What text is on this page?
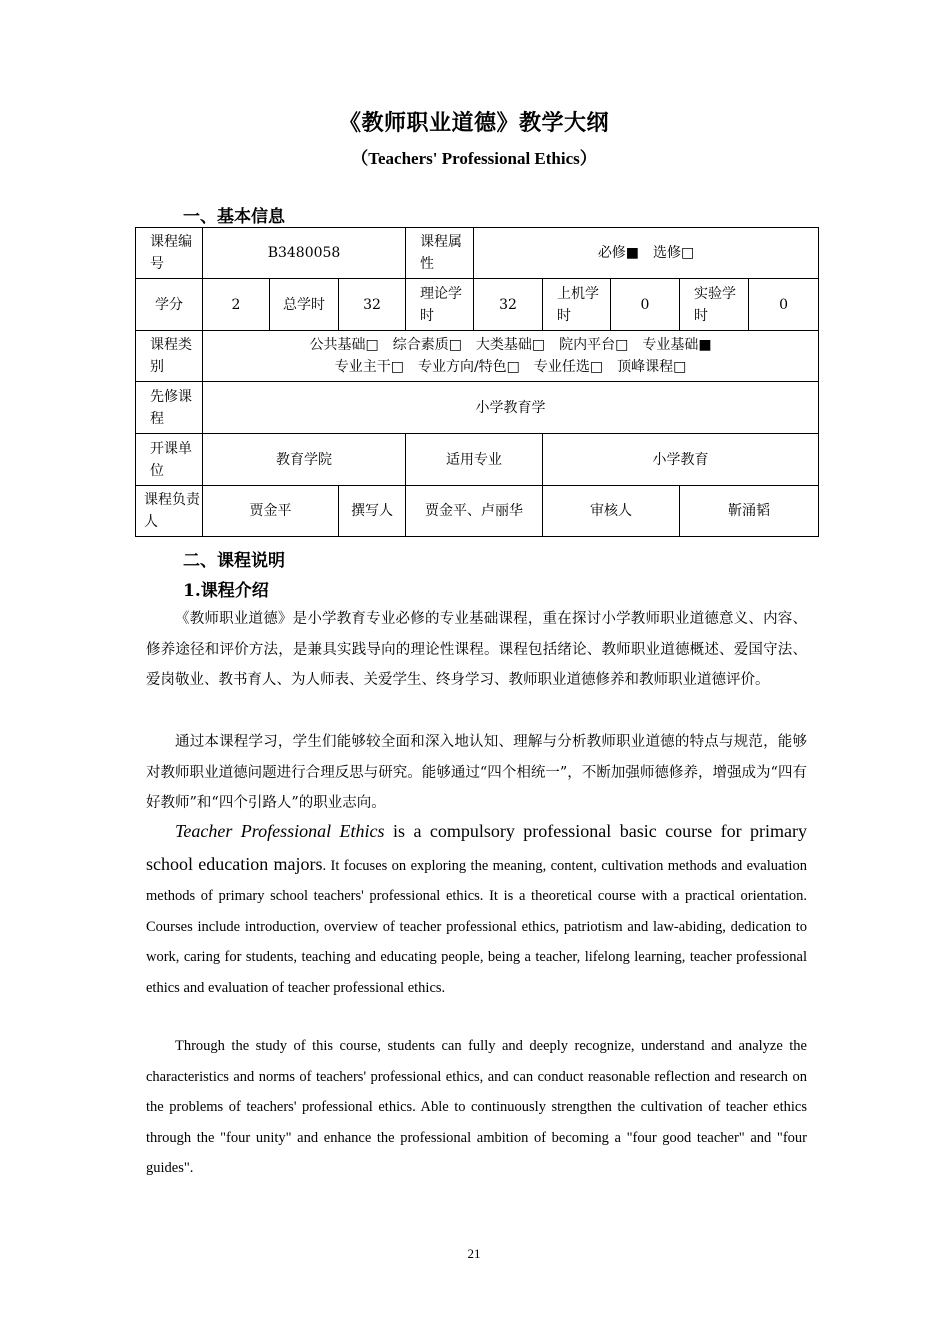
《教师职业道德》教学大纲
（Teachers' Professional Ethics）
一、基本信息
课程编号	B3480058			课程属性	必修■　选修□				
学分	2	总学时	32	理论学时	32	上机学时	0	实验学时	0
课程类别	公共基础□　综合素质□　大类基础□　院内平台□　专业基础■
专业主干□　专业方向/特色□　专业任选□　顶峰课程□								

先修课程	小学教育学								
开课单位	教育学院			适用专业		小学教育			
课程负责人	贾金平		撰写人	贾金平、卢丽华		审核人		靳涌韬	
二、课程说明
1.课程介绍
《教师职业道德》是小学教育专业必修的专业基础课程，重在探讨小学教师职业道德意义、内容、修养途径和评价方法，是兼具实践导向的理论性课程。课程包括绪论、教师职业道德概述、爱国守法、爱岗敬业、教书育人、为人师表、关爱学生、终身学习、教师职业道德修养和教师职业道德评价。
通过本课程学习，学生们能够较全面和深入地认知、理解与分析教师职业道德的特点与规范，能够对教师职业道德问题进行合理反思与研究。能够通过“四个相统一”，不断加强师德修养，增强成为“四有好教师”和“四个引路人”的职业志向。
Teacher Professional Ethics is a compulsory professional basic course for primary school education majors. It focuses on exploring the meaning, content, cultivation methods and evaluation methods of primary school teachers' professional ethics. It is a theoretical course with a practical orientation. Courses include introduction, overview of teacher professional ethics, patriotism and law-abiding, dedication to work, caring for students, teaching and educating people, being a teacher, lifelong learning, teacher professional ethics and evaluation of teacher professional ethics.
Through the study of this course, students can fully and deeply recognize, understand and analyze the characteristics and norms of teachers' professional ethics, and can conduct reasonable reflection and research on the problems of teachers' professional ethics. Able to continuously strengthen the cultivation of teacher ethics through the "four unity" and enhance the professional ambition of becoming a "four good teacher" and "four guides".
21
